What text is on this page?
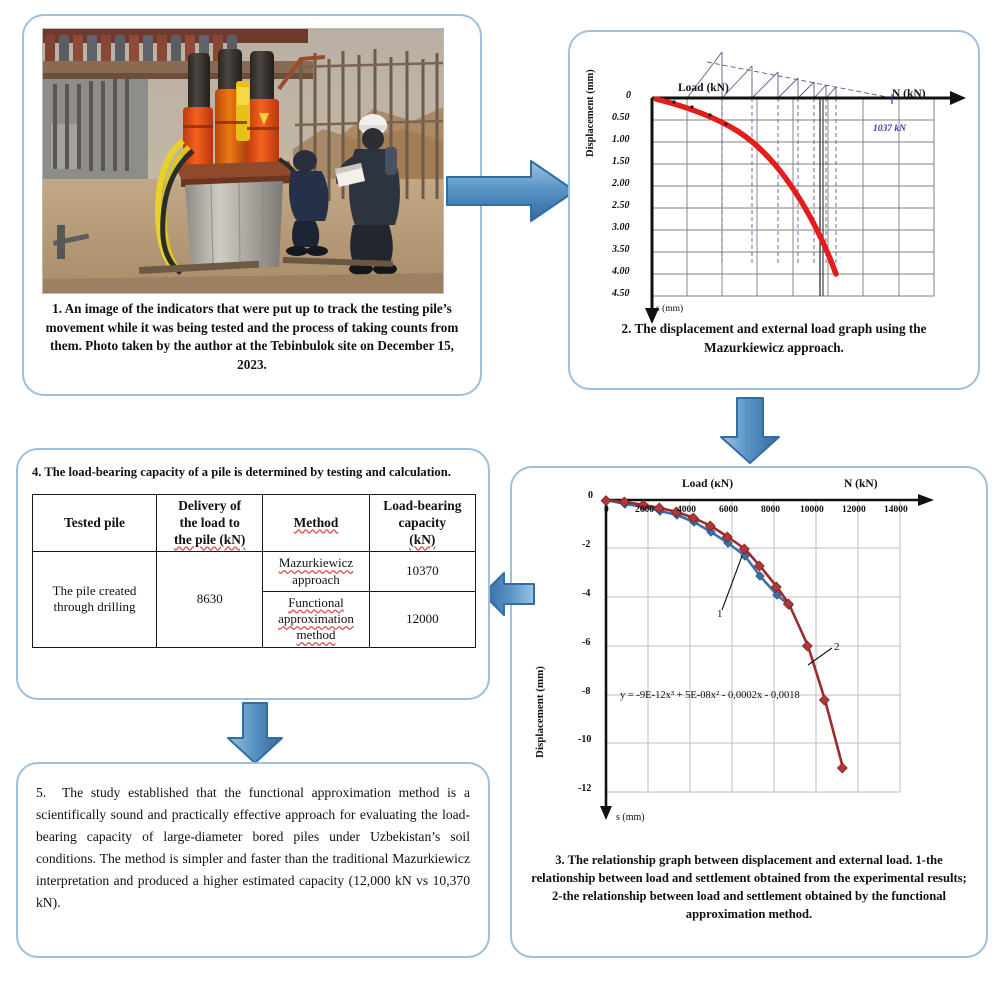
1. An image of the indicators that were put up to track the testing pile’s movement while it was being tested and the process of taking counts from them. Photo taken by the author at the Tebinbulok site on December 15, 2023.
Load (kN)	N (kN)
1037 kN
Displacement (mm)
s (mm)
0
0.50
1.00
1.50
2.00
2.50
3.00
3.50
4.00
4.50
2. The displacement and external load graph using the Mazurkiewicz approach.
Load (кN)	N (kN)
Displacement (mm)
s (mm)
y = -9E-12x³ + 5E-08x² - 0,0002x - 0,0018
0	2000 4000 6000 8000 10000 12000 14000
0
-2
-4
-6
-8
-10
-12
1
2
3. The relationship graph between displacement and external load. 1-the relationship between load and settlement obtained from the experimental results; 2-the relationship between load and settlement obtained by the functional approximation method.
4. The load-bearing capacity of a pile is determined by testing and calculation.
Tested pile	Delivery of
the load to
the pile (kN)	Method	Load-bearing
capacity
(kN)
The pile created through drilling	8630	Mazurkiewicz
approach	10370
		Functional
approximation
method	12000
5. The study established that the functional approximation method is a scientifically sound and practically effective approach for evaluating the load-bearing capacity of large-diameter bored piles under Uzbekistan’s soil conditions. The method is simpler and faster than the traditional Mazurkiewicz interpretation and produced a higher estimated capacity (12,000 kN vs 10,370 kN).
